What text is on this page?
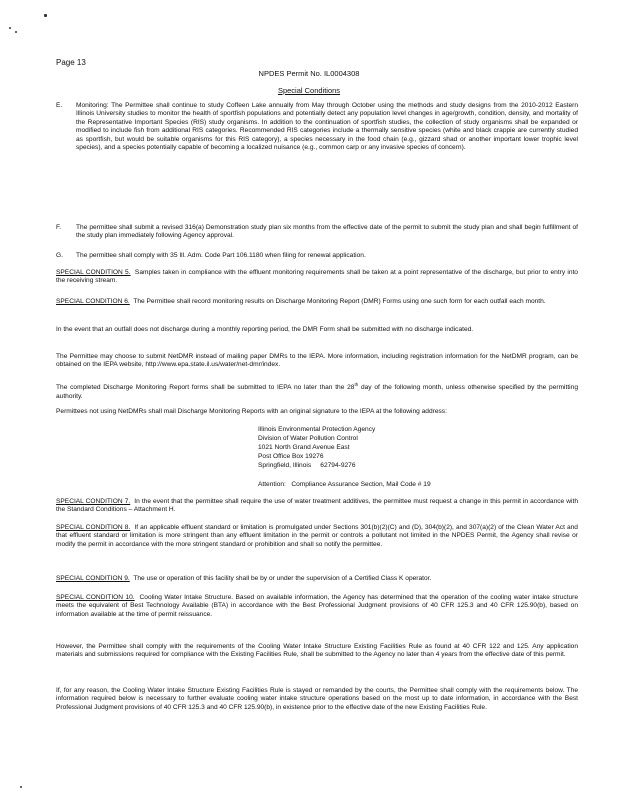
Page 13
NPDES Permit No. IL0004308
Special Conditions
E. Monitoring: The Permittee shall continue to study Coffeen Lake annually from May through October using the methods and study designs from the 2010-2012 Eastern Illinois University studies to monitor the health of sportfish populations and potentially detect any population level changes in age/growth, condition, density, and mortality of the Representative Important Species (RIS) study organisms. In addition to the continuation of sportfish studies, the collection of study organisms shall be expanded or modified to include fish from additional RIS categories. Recommended RIS categories include a thermally sensitive species (white and black crappie are currently studied as sportfish, but would be suitable organisms for this RIS category), a species necessary in the food chain (e.g., gizzard shad or another important lower trophic level species), and a species potentially capable of becoming a localized nuisance (e.g., common carp or any invasive species of concern).
F. The permittee shall submit a revised 316(a) Demonstration study plan six months from the effective date of the permit to submit the study plan and shall begin fulfillment of the study plan immediately following Agency approval.
G. The permittee shall comply with 35 Ill. Adm. Code Part 106.1180 when filing for renewal application.
SPECIAL CONDITION 5. Samples taken in compliance with the effluent monitoring requirements shall be taken at a point representative of the discharge, but prior to entry into the receiving stream.
SPECIAL CONDITION 6. The Permittee shall record monitoring results on Discharge Monitoring Report (DMR) Forms using one such form for each outfall each month.
In the event that an outfall does not discharge during a monthly reporting period, the DMR Form shall be submitted with no discharge indicated.
The Permittee may choose to submit NetDMR instead of mailing paper DMRs to the IEPA. More information, including registration information for the NetDMR program, can be obtained on the IEPA website, http://www.epa.state.il.us/water/net-dmr/index.
The completed Discharge Monitoring Report forms shall be submitted to IEPA no later than the 28th day of the following month, unless otherwise specified by the permitting authority.
Permittees not using NetDMRs shall mail Discharge Monitoring Reports with an original signature to the IEPA at the following address:
Illinois Environmental Protection Agency
Division of Water Pollution Control
1021 North Grand Avenue East
Post Office Box 19276
Springfield, Illinois     62794-9276
Attention:   Compliance Assurance Section, Mail Code # 19
SPECIAL CONDITION 7. In the event that the permittee shall require the use of water treatment additives, the permittee must request a change in this permit in accordance with the Standard Conditions – Attachment H.
SPECIAL CONDITION 8. If an applicable effluent standard or limitation is promulgated under Sections 301(b)(2)(C) and (D), 304(b)(2), and 307(a)(2) of the Clean Water Act and that effluent standard or limitation is more stringent than any effluent limitation in the permit or controls a pollutant not limited in the NPDES Permit, the Agency shall revise or modify the permit in accordance with the more stringent standard or prohibition and shall so notify the permittee.
SPECIAL CONDITION 9. The use or operation of this facility shall be by or under the supervision of a Certified Class K operator.
SPECIAL CONDITION 10. Cooling Water Intake Structure. Based on available information, the Agency has determined that the operation of the cooling water intake structure meets the equivalent of Best Technology Available (BTA) in accordance with the Best Professional Judgment provisions of 40 CFR 125.3 and 40 CFR 125.90(b), based on information available at the time of permit reissuance.
However, the Permittee shall comply with the requirements of the Cooling Water Intake Structure Existing Facilities Rule as found at 40 CFR 122 and 125. Any application materials and submissions required for compliance with the Existing Facilities Rule, shall be submitted to the Agency no later than 4 years from the effective date of this permit.
If, for any reason, the Cooling Water Intake Structure Existing Facilities Rule is stayed or remanded by the courts, the Permittee shall comply with the requirements below. The information required below is necessary to further evaluate cooling water intake structure operations based on the most up to date information, in accordance with the Best Professional Judgment provisions of 40 CFR 125.3 and 40 CFR 125.90(b), in existence prior to the effective date of the new Existing Facilities Rule.
